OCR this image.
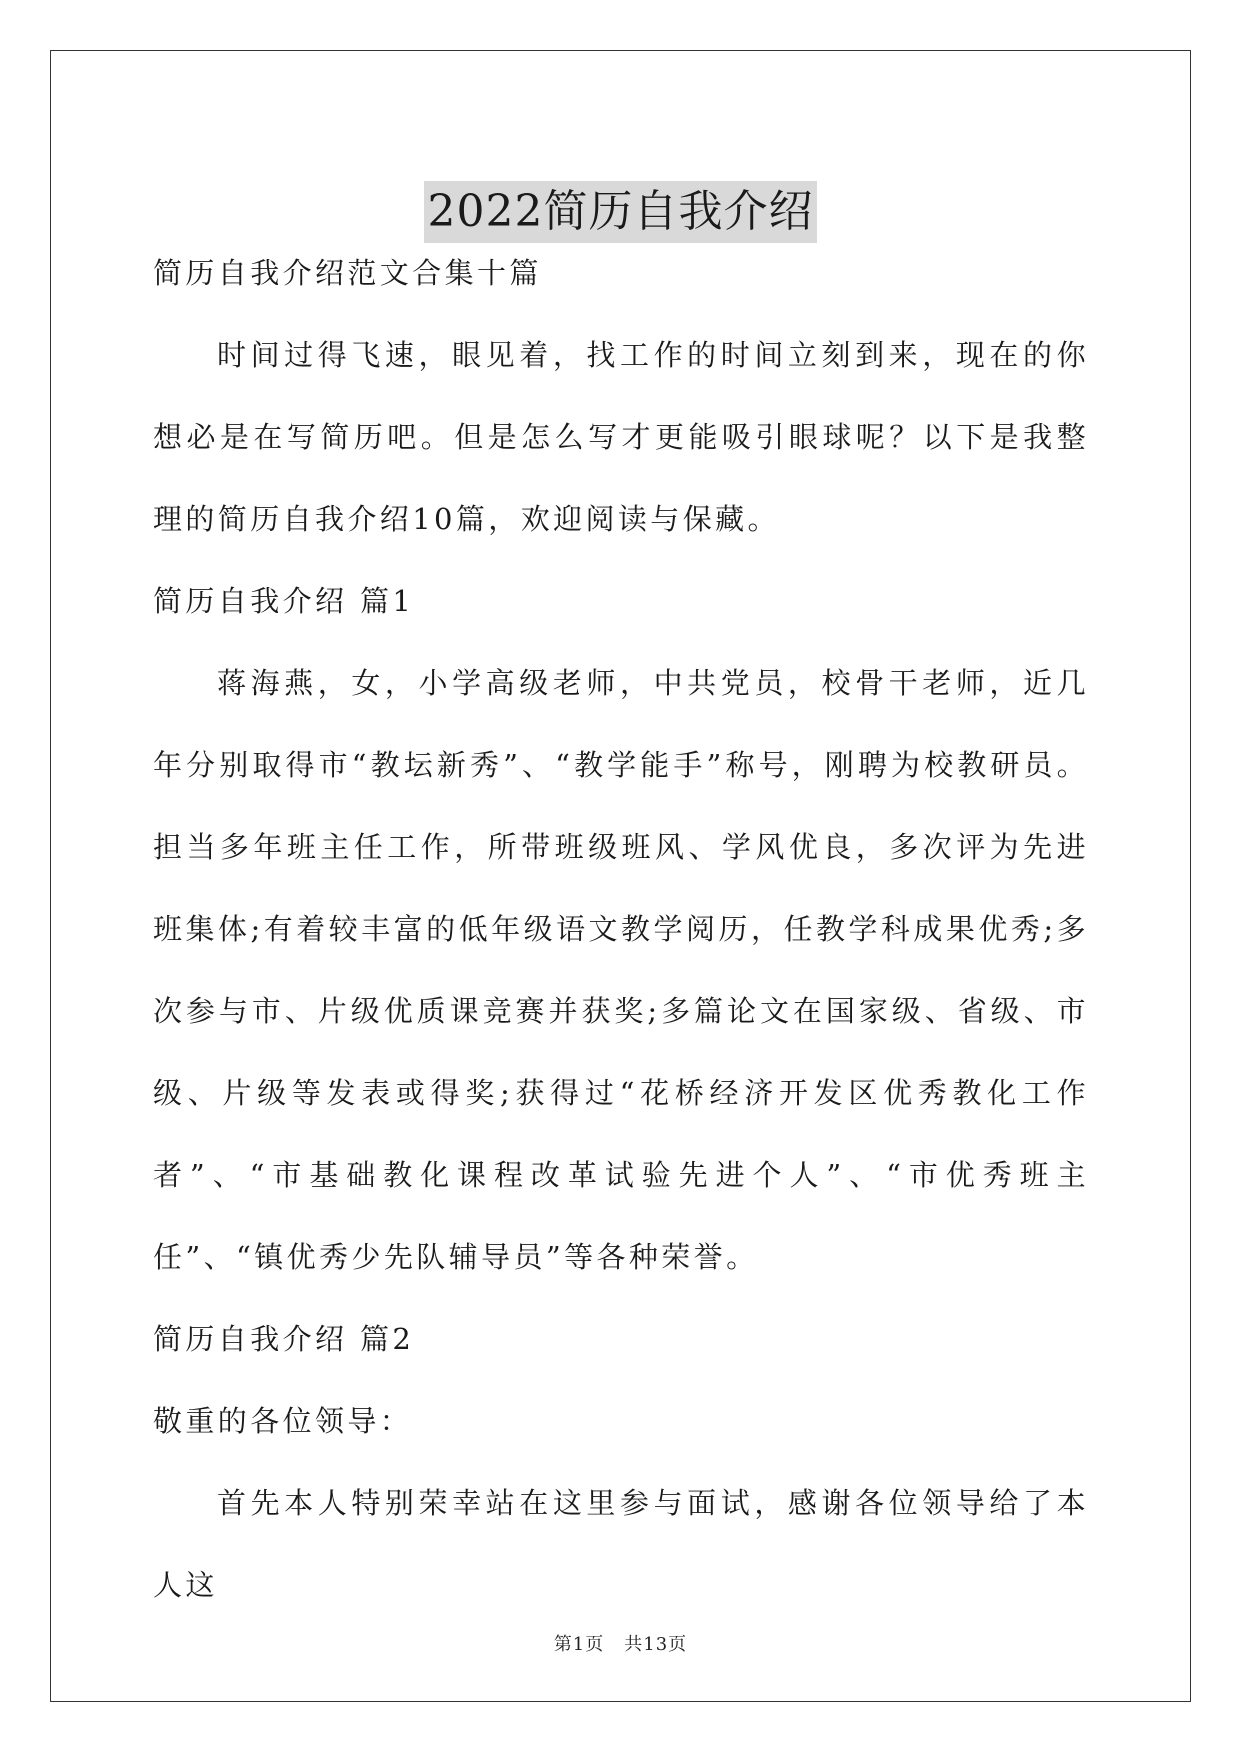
2022简历自我介绍

简历自我介绍范文合集十篇

时间过得飞速，眼见着，找工作的时间立刻到来，现在的你想必是在写简历吧。但是怎么写才更能吸引眼球呢？以下是我整理的简历自我介绍10篇，欢迎阅读与保藏。

简历自我介绍 篇1

蒋海燕，女，小学高级老师，中共党员，校骨干老师，近几年分别取得市“教坛新秀”、“教学能手”称号，刚聘为校教研员。担当多年班主任工作，所带班级班风、学风优良，多次评为先进班集体;有着较丰富的低年级语文教学阅历，任教学科成果优秀;多次参与市、片级优质课竞赛并获奖;多篇论文在国家级、省级、市级、片级等发表或得奖;获得过“花桥经济开发区优秀教化工作者”、“市基础教化课程改革试验先进个人”、“市优秀班主任”、“镇优秀少先队辅导员”等各种荣誉。

简历自我介绍 篇2

敬重的各位领导：

首先本人特别荣幸站在这里参与面试，感谢各位领导给了本人这

第1页 共13页
